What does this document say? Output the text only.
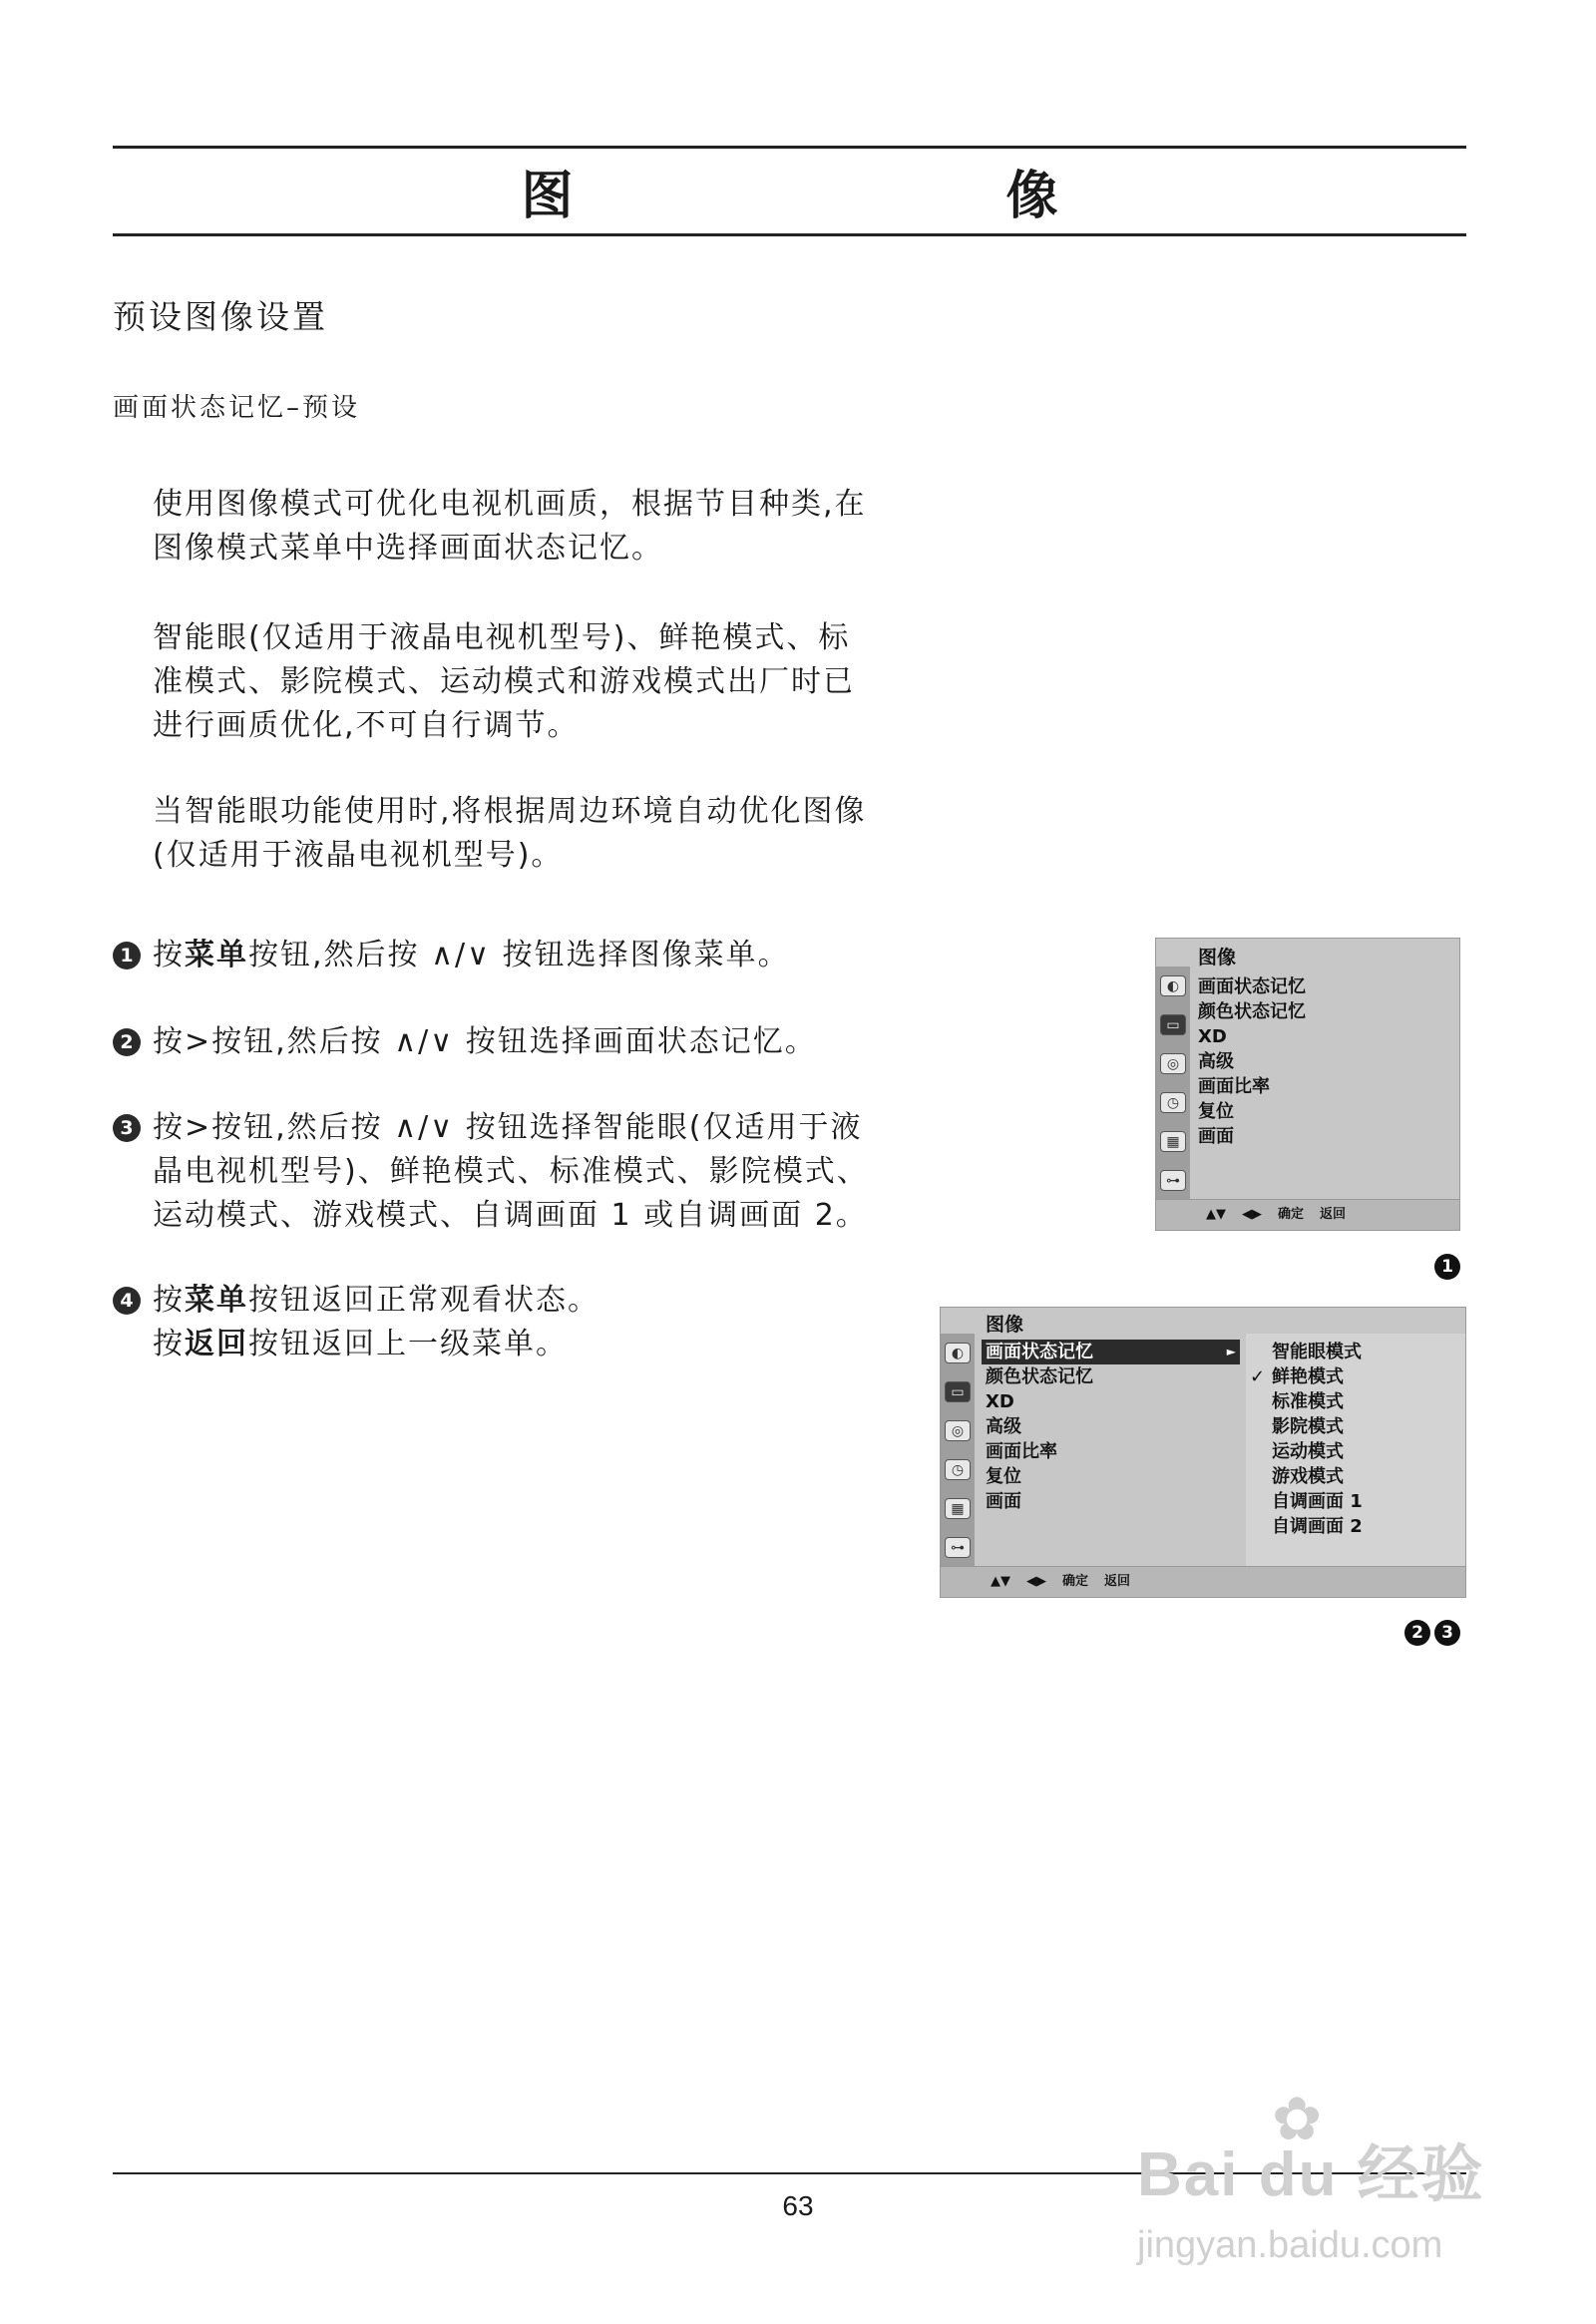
图　　像
预设图像设置
画面状态记忆–预设

使用图像模式可优化电视机画质，根据节目种类,在图像模式菜单中选择画面状态记忆。

智能眼(仅适用于液晶电视机型号)、鲜艳模式、标准模式、影院模式、运动模式和游戏模式出厂时已进行画质优化,不可自行调节。

当智能眼功能使用时,将根据周边环境自动优化图像(仅适用于液晶电视机型号)。

1 按菜单按钮,然后按 ∧/∨ 按钮选择图像菜单。
2 按>按钮,然后按 ∧/∨ 按钮选择画面状态记忆。
3 按>按钮,然后按 ∧/∨ 按钮选择智能眼(仅适用于液晶电视机型号)、鲜艳模式、标准模式、影院模式、运动模式、游戏模式、自调画面 1 或自调画面 2。
4 按菜单按钮返回正常观看状态。
按返回按钮返回上一级菜单。
图像
◐
▭
◎
◷
▦
⊶
画面状态记忆
颜色状态记忆
XD
高级
画面比率
复位
画面
▲▼ ◀▶ 确定 返回
1
图像
◐
▭
◎
◷
▦
⊶
画面状态记忆	►
颜色状态记忆
XD
高级
画面比率
复位
画面
智能眼模式
✓ 鲜艳模式
标准模式
影院模式
运动模式
游戏模式
自调画面 1
自调画面 2
▲▼ ◀▶ 确定 返回
2	3
63
✿
Bai du 经验
jingyan.baidu.com
